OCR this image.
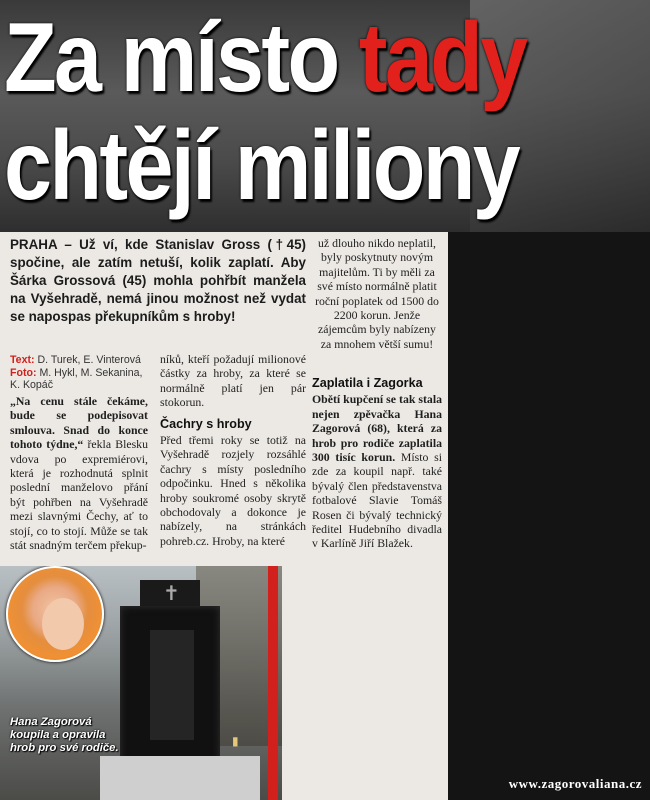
Za místo tady
chtějí miliony
PRAHA – Už ví, kde Stanislav Gross (†45) spočine, ale zatím netuší, kolik zaplatí. Aby Šárka Grossová (45) mohla pohřbít manžela na Vyšehradě, nemá jinou možnost než vydat se napospas překupníkům s hroby!
Text: D. Turek, E. Vinterová
Foto: M. Hykl, M. Sekanina, K. Kopáč
„Na cenu stále čekáme, bude se podepisovat smlouva. Snad do konce tohoto týdne,“ řekla Blesku vdova po expremiérovi, která je rozhodnutá splnit poslední manželovo přání být pohřben na Vyšehradě mezi slavnými Čechy, ať to stojí, co to stojí. Může se tak stát snadným terčem překup-

níků, kteří požadují milionové částky za hroby, za které se normálně platí jen pár stokorun.

Čachry s hroby

Před třemi roky se totiž na Vyšehradě rozjely rozsáhlé čachry s místy posledního odpočinku. Hned s několika hroby soukromé osoby skrytě obchodovaly a dokonce je nabízely, na stránkách pohreb.cz. Hroby, na které

už dlouho nikdo neplatil, byly poskytnuty novým majitelům. Ti by měli za své místo normálně platit roční poplatek od 1500 do 2200 korun. Jenže zájemcům byly nabízeny za mnohem větší sumu!

Zaplatila i Zagorka
Obětí kupčení se tak stala nejen zpěvačka Hana Zagorová (68), která za hrob pro rodiče zaplatila 300 tisíc korun. Místo si zde za koupil např. také bývalý člen představenstva fotbalové Slavie Tomáš Rosen či bývalý technický ředitel Hudebního divadla v Karlíně Jiří Blažek.
✝
▮
Hana Zagorová koupila a opravila hrob pro své rodiče.
www.zagorovaliana.cz
